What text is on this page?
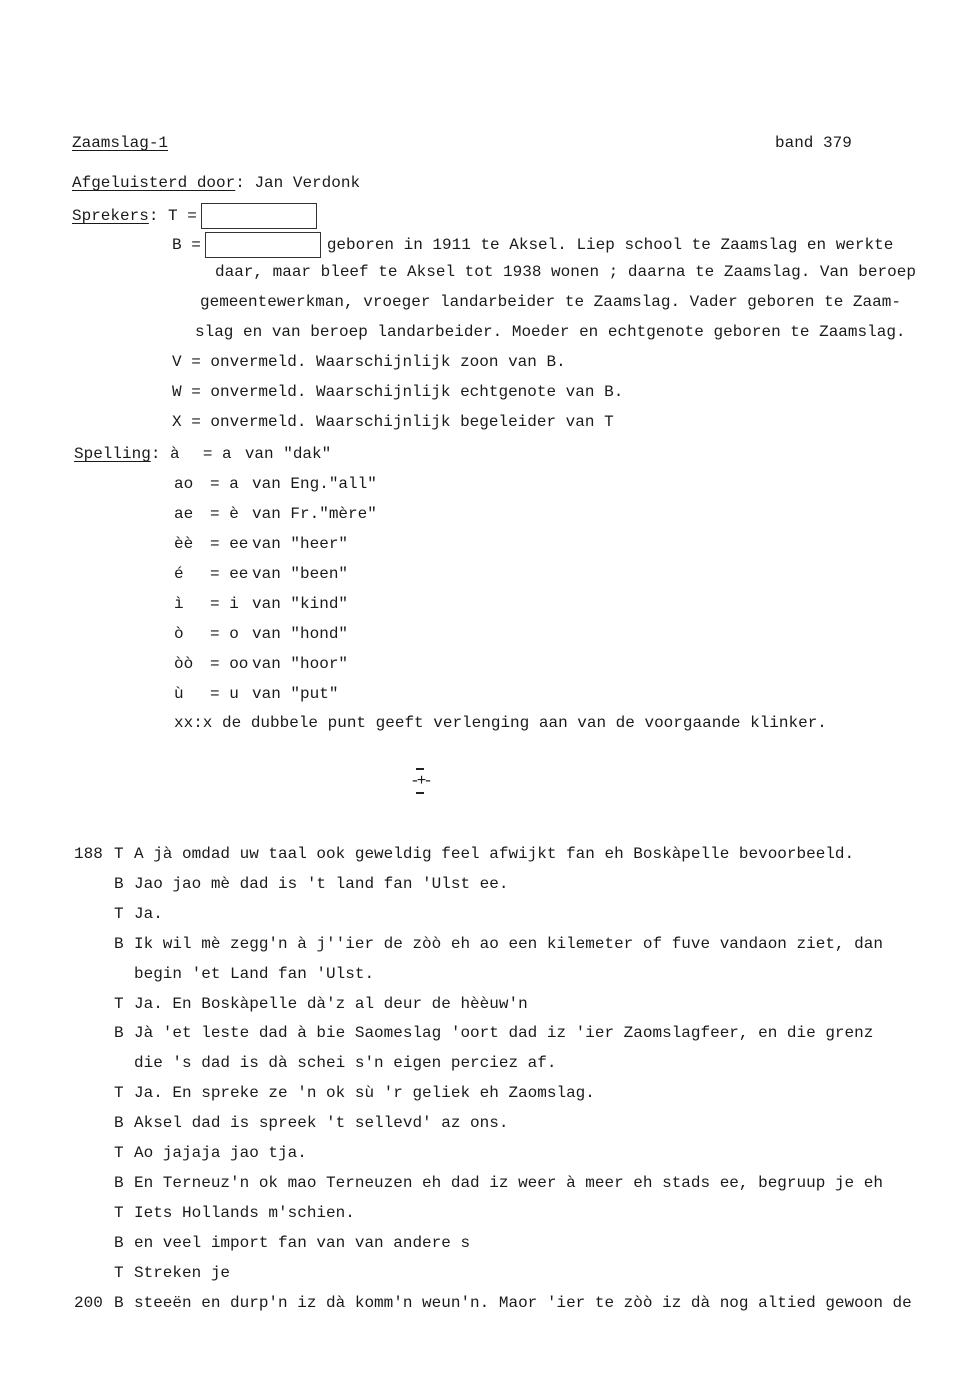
Zaamslag-1	band 379
Afgeluisterd door: Jan Verdonk
Sprekers: T =
B =	geboren in 1911 te Aksel. Liep school te Zaamslag en werkte
daar, maar bleef te Aksel tot 1938 wonen ; daarna te Zaamslag. Van beroep
gemeentewerkman, vroeger landarbeider te Zaamslag. Vader geboren te Zaam-
slag en van beroep landarbeider. Moeder en echtgenote geboren te Zaamslag.
V = onvermeld. Waarschijnlijk zoon van B.
W = onvermeld. Waarschijnlijk echtgenote van B.
X = onvermeld. Waarschijnlijk begeleider van T
Spelling: à = a van "dak"
ao = a van Eng."all"
ae = è van Fr."mère"
èè = ee van "heer"
é = ee van "been"
ì = i van "kind"
ò = o van "hond"
òò = oo van "hoor"
ù = u van "put"
xx:x de dubbele punt geeft verlenging aan van de voorgaande klinker.
-+-
188 T A jà omdad uw taal ook geweldig feel afwijkt fan eh Boskàpelle bevoorbeeld.
B Jao jao mè dad is 't land fan 'Ulst ee.
T Ja.
B Ik wil mè zegg'n à j''ier de zòò eh ao een kilemeter of fuve vandaon ziet, dan
begin 'et Land fan 'Ulst.
T Ja. En Boskàpelle dà'z al deur de hèèuw'n
B Jà 'et leste dad à bie Saomeslag 'oort dad iz 'ier Zaomslagfeer, en die grenz
die 's dad is dà schei s'n eigen perciez af.
T Ja. En spreke ze 'n ok sù 'r geliek eh Zaomslag.
B Aksel dad is spreek 't sellevd' az ons.
T Ao jajaja jao tja.
B En Terneuz'n ok mao Terneuzen eh dad iz weer à meer eh stads ee, begruup je eh
T Iets Hollands m'schien.
B en veel import fan van van andere s
T Streken je
200 B steeën en durp'n iz dà komm'n weun'n. Maor 'ier te zòò iz dà nog altied gewoon de
